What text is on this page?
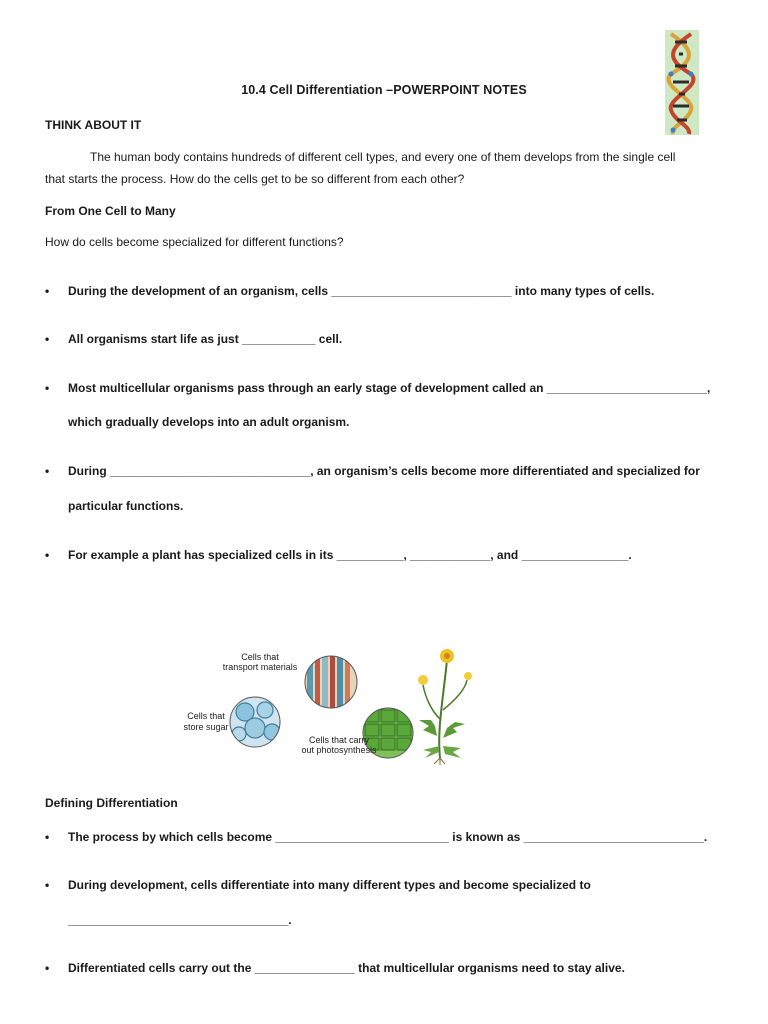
10.4 Cell Differentiation –POWERPOINT NOTES
THINK ABOUT IT
The human body contains hundreds of different cell types, and every one of them develops from the single cell
that starts the process. How do the cells get to be so different from each other?
From One Cell to Many
How do cells become specialized for different functions?
• During the development of an organism, cells ___________________________ into many types of cells.
• All organisms start life as just ___________ cell.
• Most multicellular organisms pass through an early stage of development called an ________________________,
which gradually develops into an adult organism.
• During ______________________________, an organism’s cells become more differentiated and specialized for
particular functions.
• For example a plant has specialized cells in its __________, ____________, and ________________.
Cells that
transport materials
Cells that
store sugar
Cells that carry
out photosynthesis
Defining Differentiation
• The process by which cells become __________________________ is known as ___________________________.
• During development, cells differentiate into many different types and become specialized to
_________________________________.
• Differentiated cells carry out the _______________ that multicellular organisms need to stay alive.
